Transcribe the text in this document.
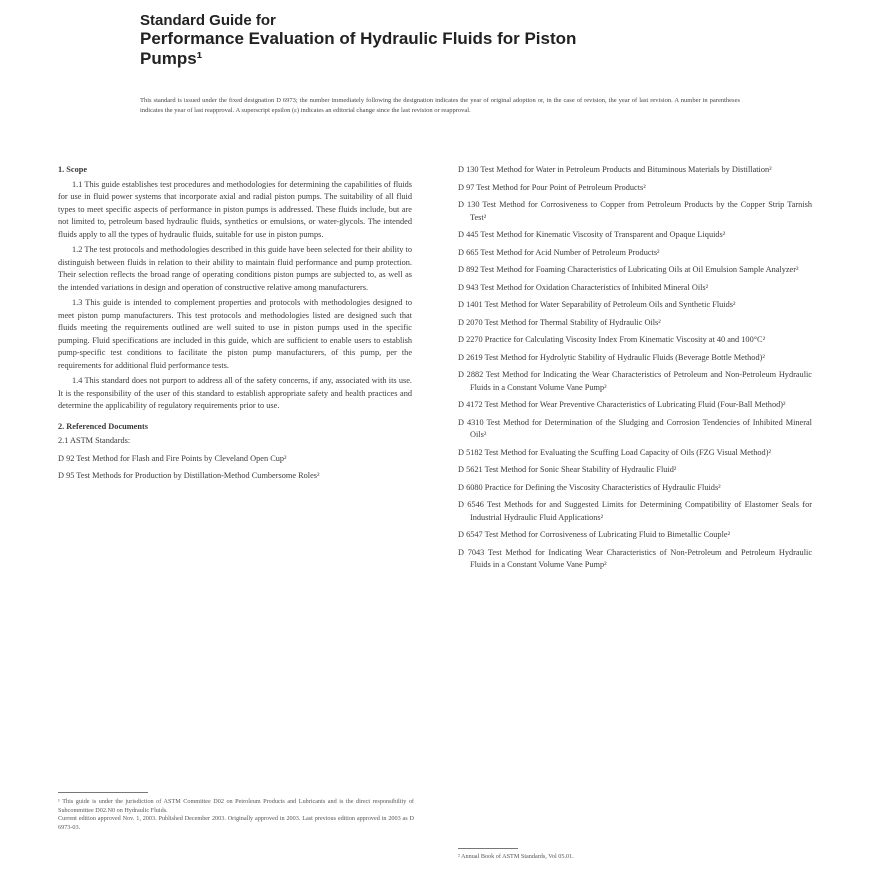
Standard Guide for
Performance Evaluation of Hydraulic Fluids for Piston
Pumps¹
This standard is issued under the fixed designation D 6973; the number immediately following the designation indicates the year of original adoption or, in the case of revision, the year of last revision. A number in parentheses indicates the year of last reapproval. A superscript epsilon (ε) indicates an editorial change since the last revision or reapproval.
1. Scope

1.1 This guide establishes test procedures and methodologies for determining the capabilities of fluids for use in fluid power systems that incorporate axial and radial piston pumps. The suitability of all fluid types to meet specific aspects of performance in piston pumps is addressed. These fluids include, but are not limited to, petroleum based hydraulic fluids, synthetics or emulsions, or water-glycols. The intended fluids apply to all the types of hydraulic fluids, suitable for use in piston pumps.

1.2 The test protocols and methodologies described in this guide have been selected for their ability to distinguish between fluids in relation to their ability to maintain fluid performance and pump protection. Their selection reflects the broad range of operating conditions piston pumps are subjected to, as well as the intended variations in design and operation of constructive relative among manufacturers.

1.3 This guide is intended to complement properties and protocols with methodologies designed to meet piston pump manufacturers. This test protocols and methodologies listed are designed such that fluids meeting the requirements outlined are well suited to use in piston pumps used in the specific pumping. Fluid specifications are included in this guide, which are sufficient to enable users to establish pump-specific test conditions to facilitate the piston pump manufacturers, of this pump, per the requirements for additional fluid performance tests.

1.4 This standard does not purport to address all of the safety concerns, if any, associated with its use. It is the responsibility of the user of this standard to establish appropriate safety and health practices and determine the applicability of regulatory requirements prior to use.

2. Referenced Documents
2.1 ASTM Standards:
D 92 Test Method for Flash and Fire Points by Cleveland Open Cup²
D 95 Test Methods for Production by Distillation-Method Cumbersome Roles²
D 130 Test Method for Water in Petroleum Products and Bituminous Materials by Distillation²
D 97 Test Method for Pour Point of Petroleum Products²
D 130 Test Method for Corrosiveness to Copper from Petroleum Products by the Copper Strip Tarnish Test²
D 445 Test Method for Kinematic Viscosity of Transparent and Opaque Liquids²
D 665 Test Method for Acid Number of Petroleum Products²
D 892 Test Method for Foaming Characteristics of Lubricating Oils at Oil Emulsion Sample Analyzer²
D 943 Test Method for Oxidation Characteristics of Inhibited Mineral Oils²
D 1401 Test Method for Water Separability of Petroleum Oils and Synthetic Fluids²
D 2070 Test Method for Thermal Stability of Hydraulic Oils²
D 2270 Practice for Calculating Viscosity Index From Kinematic Viscosity at 40 and 100°C²
D 2619 Test Method for Hydrolytic Stability of Hydraulic Fluids (Beverage Bottle Method)²
D 2882 Test Method for Indicating the Wear Characteristics of Petroleum and Non-Petroleum Hydraulic Fluids in a Constant Volume Vane Pump²
D 4172 Test Method for Wear Preventive Characteristics of Lubricating Fluid (Four-Ball Method)²
D 4310 Test Method for Determination of the Sludging and Corrosion Tendencies of Inhibited Mineral Oils²
D 5182 Test Method for Evaluating the Scuffing Load Capacity of Oils (FZG Visual Method)²
D 5621 Test Method for Sonic Shear Stability of Hydraulic Fluid²
D 6080 Practice for Defining the Viscosity Characteristics of Hydraulic Fluids²
D 6546 Test Methods for and Suggested Limits for Determining Compatibility of Elastomer Seals for Industrial Hydraulic Fluid Applications²
D 6547 Test Method for Corrosiveness of Lubricating Fluid to Bimetallic Couple²
D 7043 Test Method for Indicating Wear Characteristics of Non-Petroleum and Petroleum Hydraulic Fluids in a Constant Volume Vane Pump²
¹ This guide is under the jurisdiction of ASTM Committee D02 on Petroleum Products and Lubricants and is the direct responsibility of Subcommittee D02.N0 on Hydraulic Fluids.
Current edition approved Nov. 1, 2003. Published December 2003. Originally approved in 2003. Last previous edition approved in 2003 as D 6973-03.
² Annual Book of ASTM Standards, Vol 05.01.
